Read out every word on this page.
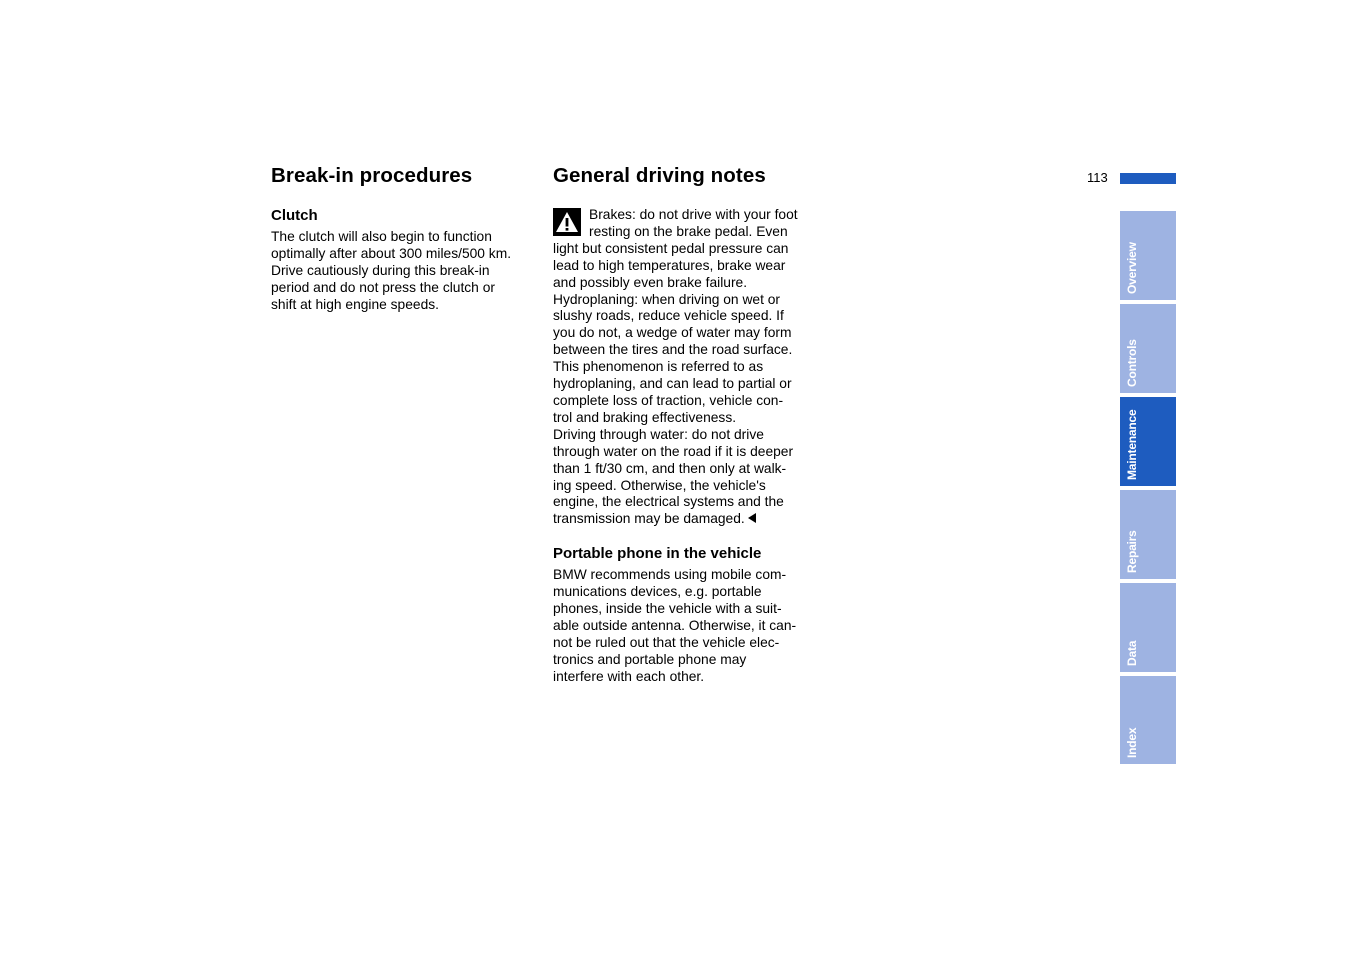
Break-in procedures
Clutch

The clutch will also begin to function
optimally after about 300 miles/500 km.
Drive cautiously during this break-in
period and do not press the clutch or
shift at high engine speeds.

General driving notes
Brakes: do not drive with your foot
resting on the brake pedal. Even
light but consistent pedal pressure can
lead to high temperatures, brake wear
and possibly even brake failure.
Hydroplaning: when driving on wet or
slushy roads, reduce vehicle speed. If
you do not, a wedge of water may form
between the tires and the road surface.
This phenomenon is referred to as
hydroplaning, and can lead to partial or
complete loss of traction, vehicle con-
trol and braking effectiveness.
Driving through water: do not drive
through water on the road if it is deeper
than 1 ft/30 cm, and then only at walk-
ing speed. Otherwise, the vehicle's
engine, the electrical systems and the
transmission may be damaged.
Portable phone in the vehicle

BMW recommends using mobile com-
munications devices, e.g. portable
phones, inside the vehicle with a suit-
able outside antenna. Otherwise, it can-
not be ruled out that the vehicle elec-
tronics and portable phone may
interfere with each other.

113
Overview
Controls
Maintenance
Repairs
Data
Index
